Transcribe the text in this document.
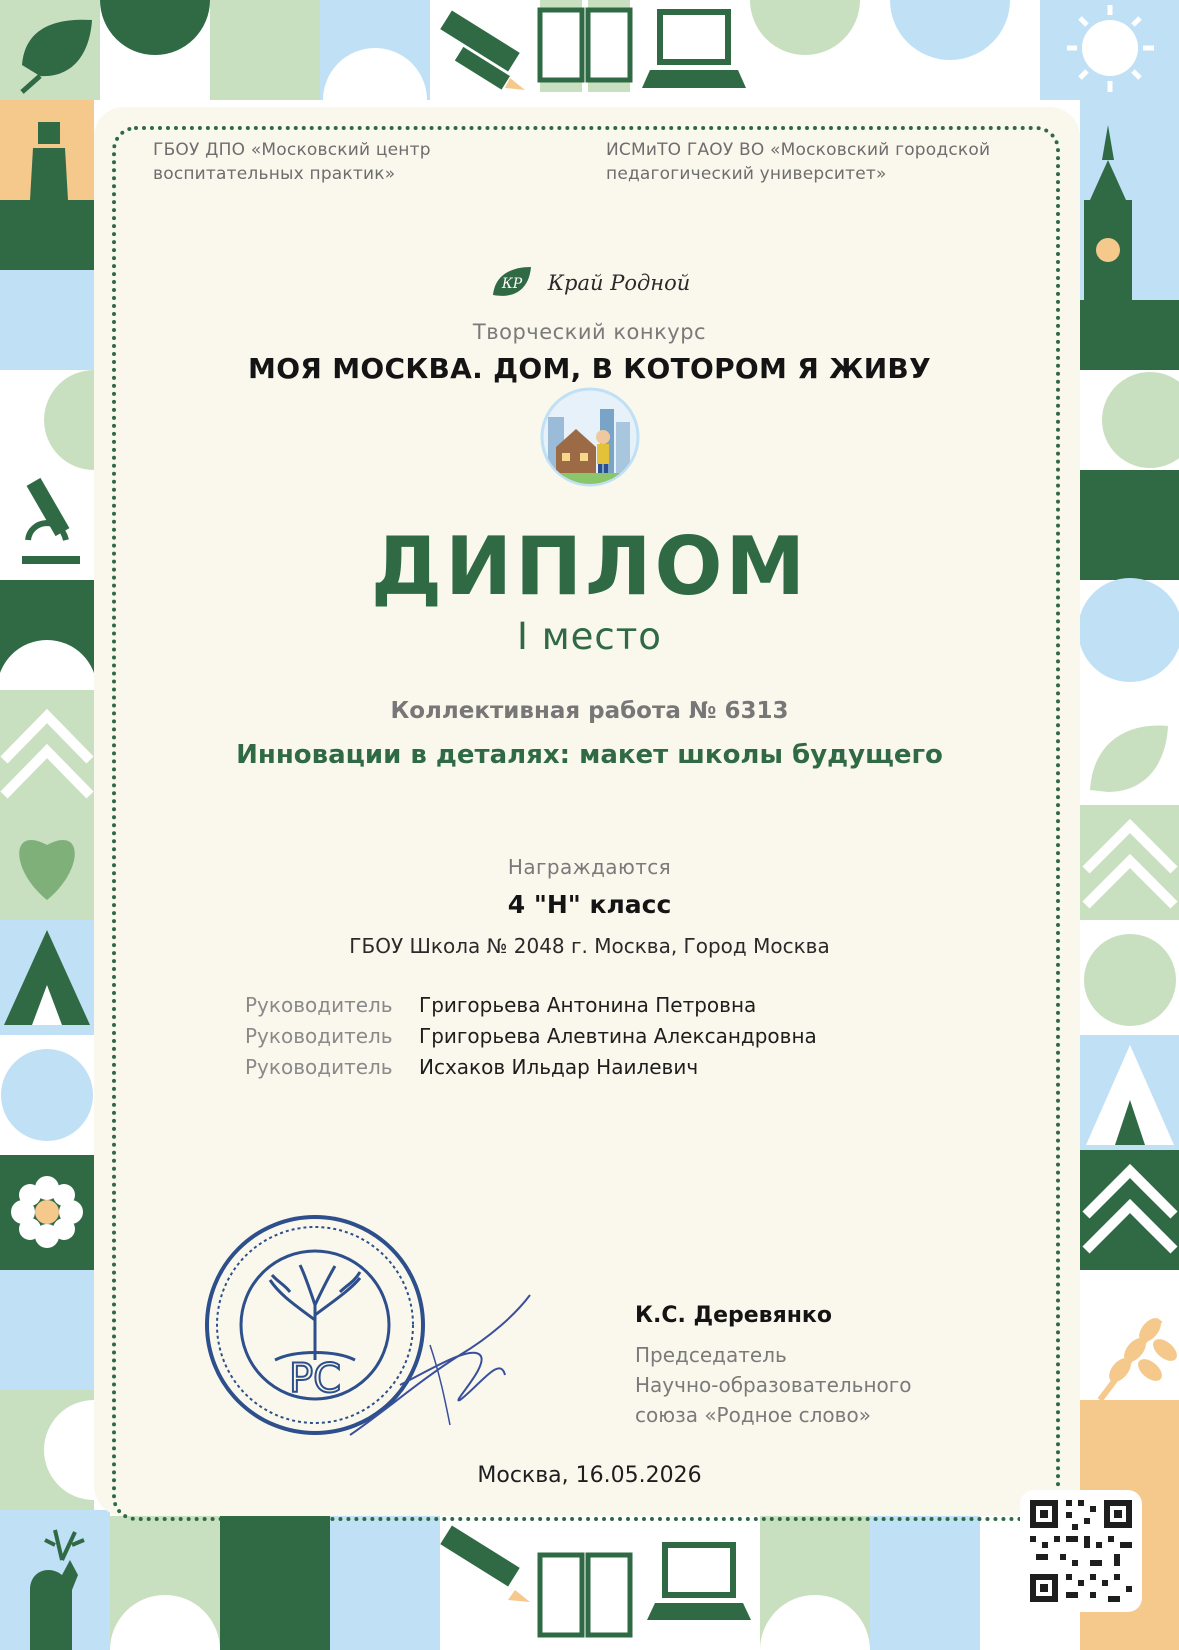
ГБОУ ДПО «Московский центр
воспитательных практик»
ИСМиТО ГАОУ ВО «Московский городской
педагогический университет»
КР Край Родной
Творческий конкурс
МОЯ МОСКВА. ДОМ, В КОТОРОМ Я ЖИВУ
ДИПЛОМ
I место
Коллективная работа № 6313
Инновации в деталях: макет школы будущего
Награждаются
4 "Н" класс
ГБОУ Школа № 2048 г. Москва, Город Москва
Руководитель Григорьева Антонина Петровна
Руководитель Григорьева Алевтина Александровна
Руководитель Исхаков Ильдар Наилевич
РС
К.С. Деревянко
Председатель
Научно-образовательного
союза «Родное слово»
Москва, 16.05.2026
